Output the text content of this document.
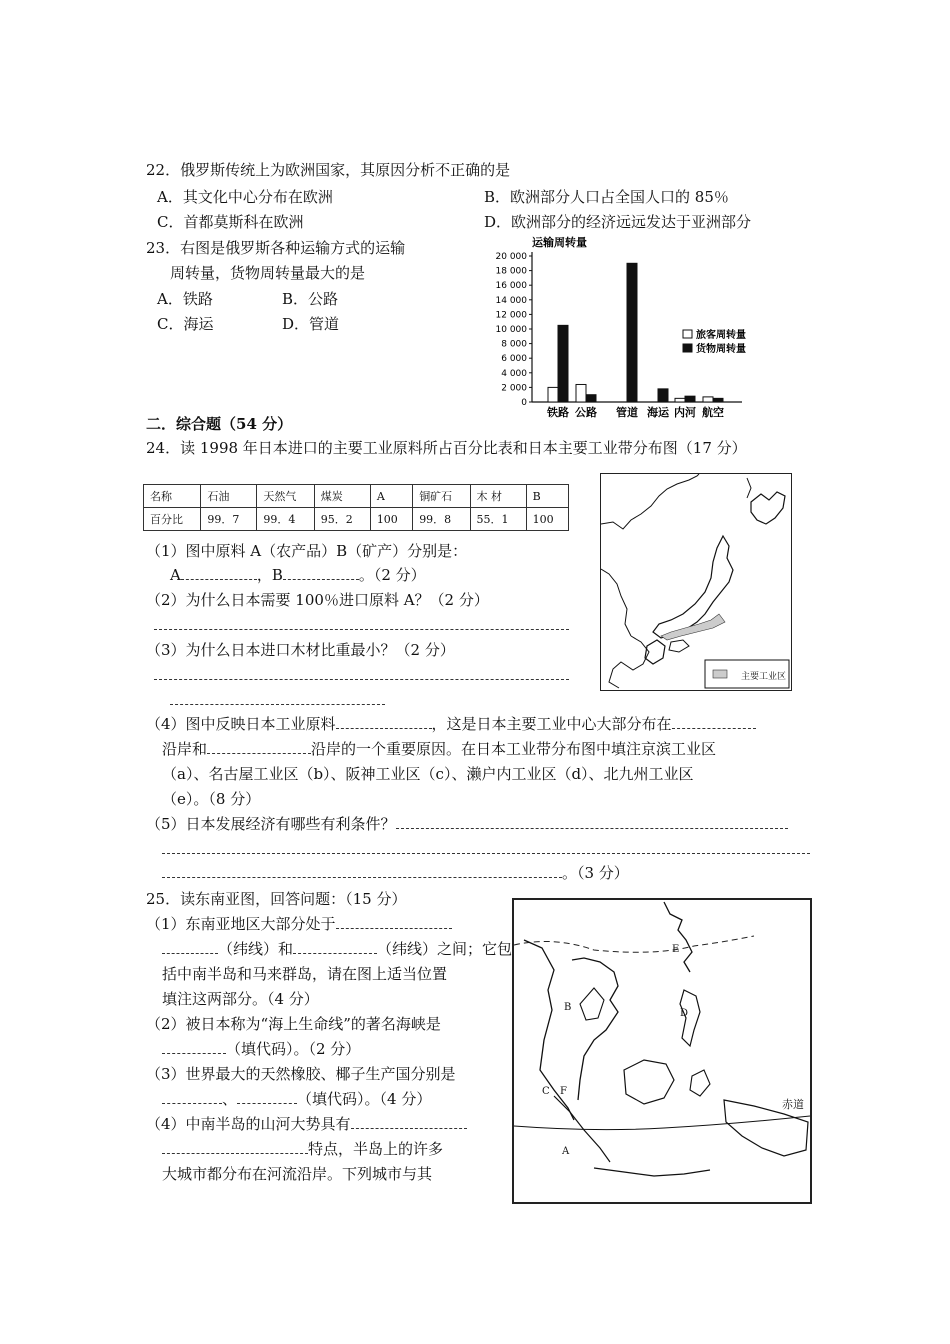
22．俄罗斯传统上为欧洲国家，其原因分析不正确的是
A．其文化中心分布在欧洲	B．欧洲部分人口占全国人口的 85％
C．首都莫斯科在欧洲	D．欧洲部分的经济远远发达于亚洲部分
23．右图是俄罗斯各种运输方式的运输
周转量，货物周转量最大的是
A．铁路	B．公路
C．海运	D．管道
运输周转量
0
2 000
4 000
6 000
8 000
10 000
12 000
14 000
16 000
18 000
20 000
铁路 公路 管道 海运 内河 航空
旅客周转量
货物周转量
二．综合题（54 分）
24．读 1998 年日本进口的主要工业原料所占百分比表和日本主要工业带分布图（17 分）
名称	石油	天然气	煤炭	A	铜矿石	木 材	B
百分比	99．7	99．4	95．2	100	99．8	55．1	100
（1）图中原料 A（农产品）B（矿产）分别是：
A	，B	。（2 分）
（2）为什么日本需要 100％进口原料 A？（2 分）
（3）为什么日本进口木材比重最小？（2 分）
主要工业区
（4）图中反映日本工业原料	，这是日本主要工业中心大部分布在
沿岸和	沿岸的一个重要原因。在日本工业带分布图中填注京滨工业区
（a）、名古屋工业区（b）、阪神工业区（c）、濑户内工业区（d）、北九州工业区
（e）。（8 分）
（5）日本发展经济有哪些有利条件？
。（3 分）
25．读东南亚图，回答问题：（15 分）
（1）东南亚地区大部分处于
（纬线）和	（纬线）之间；它包
括中南半岛和马来群岛，请在图上适当位置
填注这两部分。（4 分）
（2）被日本称为“海上生命线”的著名海峡是
（填代码）。（2 分）
（3）世界最大的天然橡胶、椰子生产国分别是
、	（填代码）。（4 分）
（4）中南半岛的山河大势具有
特点，半岛上的许多
大城市都分布在河流沿岸。下列城市与其
赤道
A
B
C
D
E
F
